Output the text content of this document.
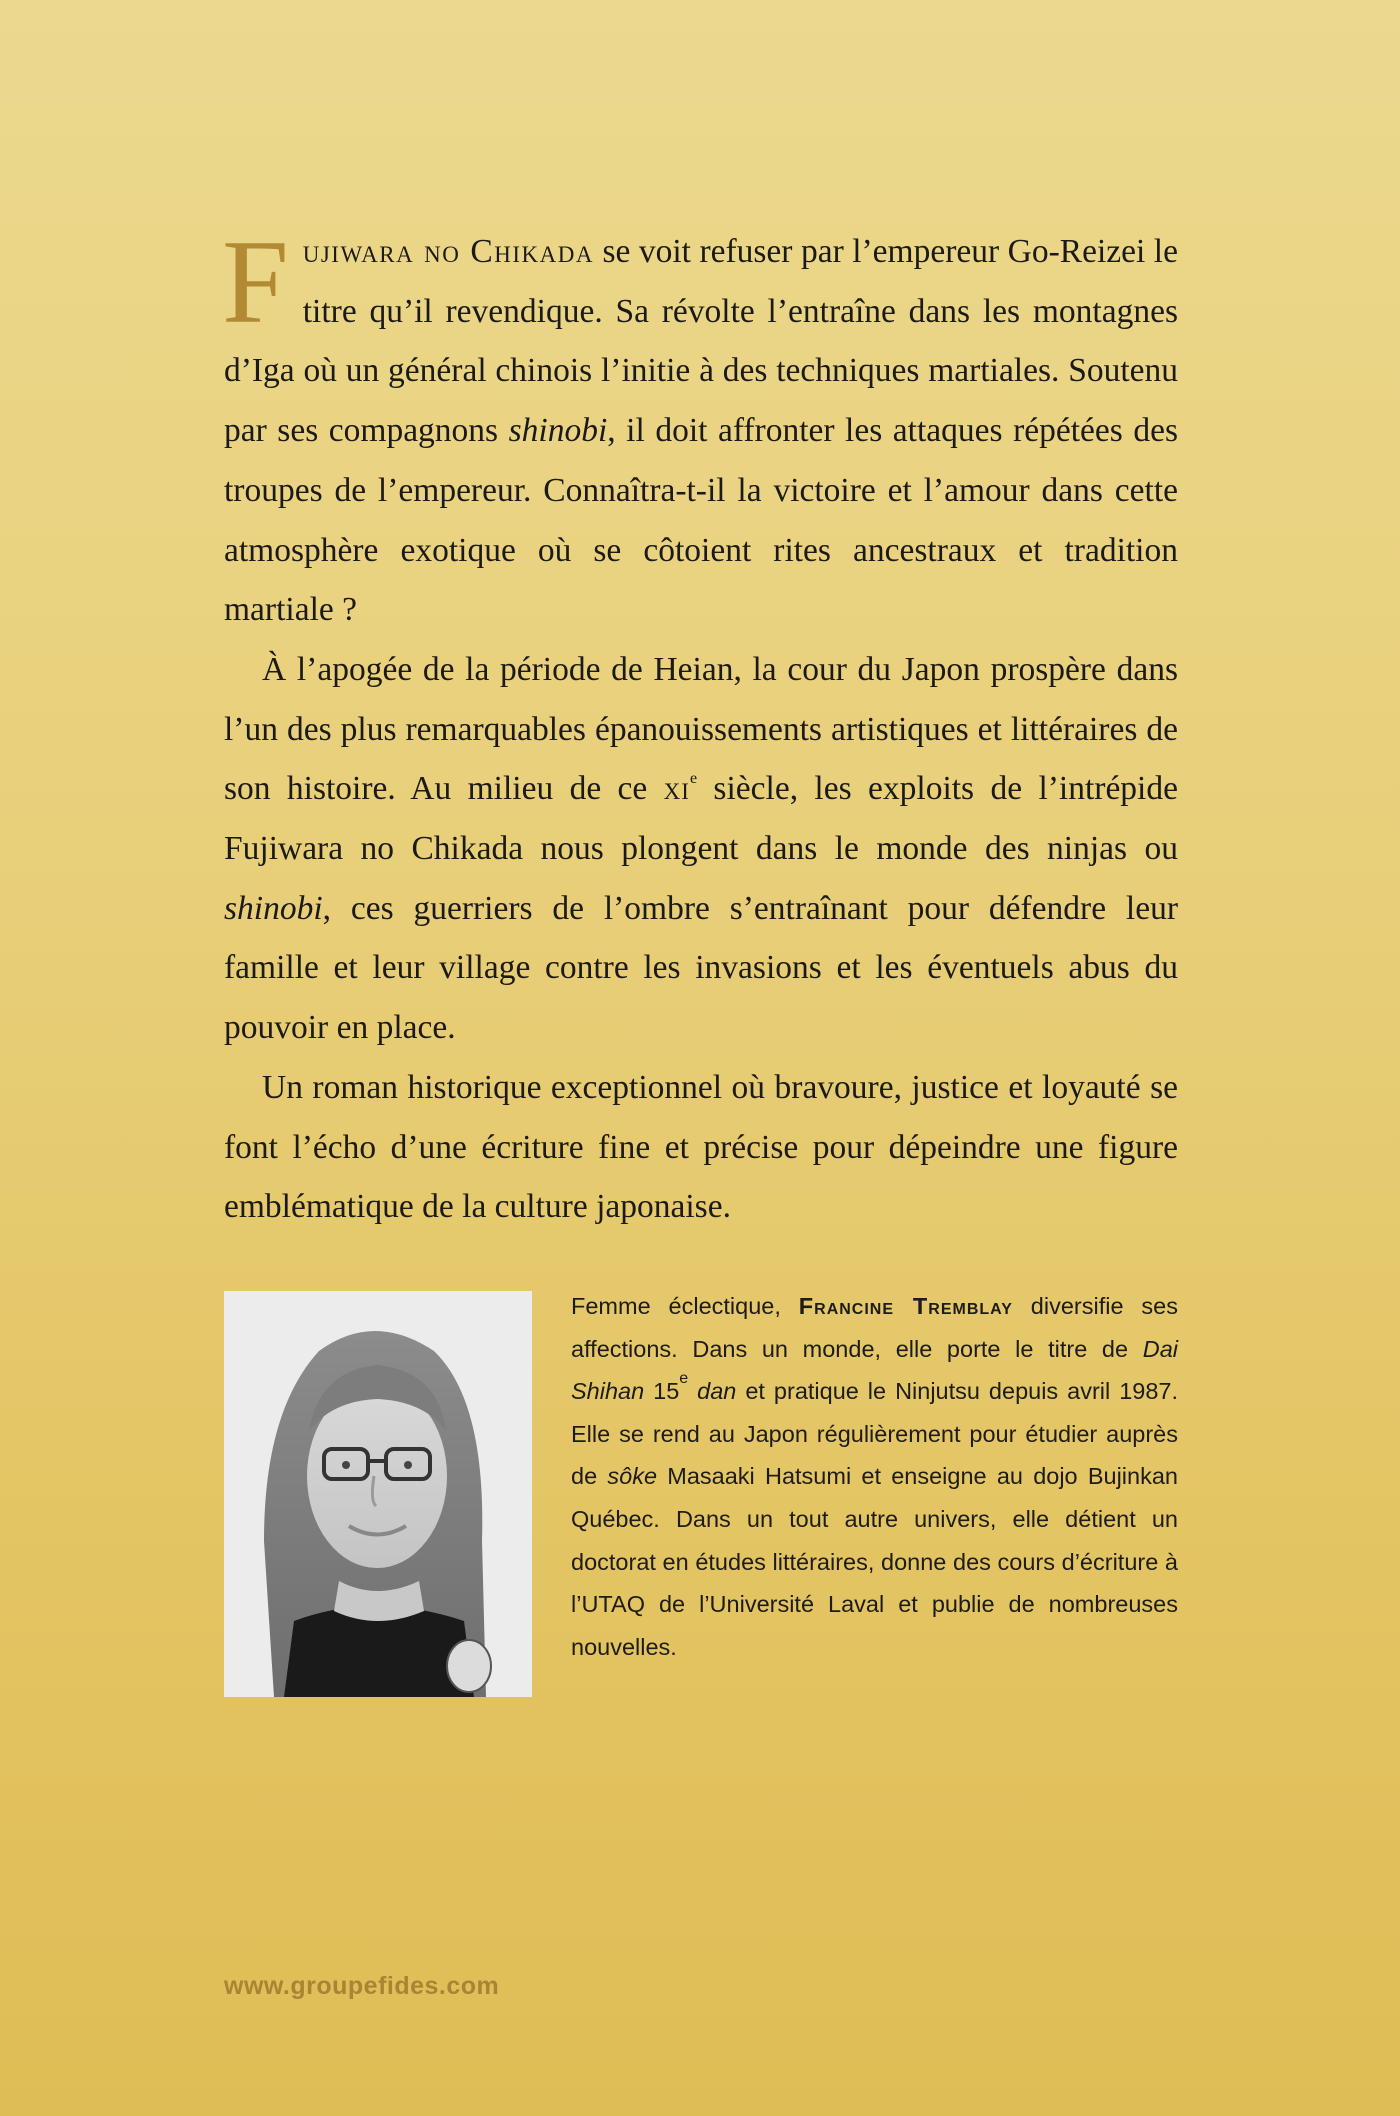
Fujiwara no Chikada se voit refuser par l’empereur Go-Reizei le titre qu’il revendique. Sa révolte l’entraîne dans les montagnes d’Iga où un général chinois l’initie à des techniques martiales. Soutenu par ses compagnons shinobi, il doit affronter les attaques répétées des troupes de l’empereur. Connaîtra-t-il la victoire et l’amour dans cette atmosphère exotique où se côtoient rites ancestraux et tradition martiale ?

À l’apogée de la période de Heian, la cour du Japon prospère dans l’un des plus remarquables épanouissements artistiques et littéraires de son histoire. Au milieu de ce $xi^e$ siècle, les exploits de l’intrépide Fujiwara no Chikada nous plongent dans le monde des ninjas ou shinobi, ces guerriers de l’ombre s’entraînant pour défendre leur famille et leur village contre les invasions et les éventuels abus du pouvoir en place.

Un roman historique exceptionnel où bravoure, justice et loyauté se font l’écho d’une écriture fine et précise pour dépeindre une figure emblématique de la culture japonaise.

Femme éclectique, Francine Tremblay diversifie ses affections. Dans un monde, elle porte le titre de Dai Shihan 15e dan et pratique le Ninjutsu depuis avril 1987. Elle se rend au Japon régulièrement pour étudier auprès de sôke Masaaki Hatsumi et enseigne au dojo Bujinkan Québec. Dans un tout autre univers, elle détient un doctorat en études littéraires, donne des cours d’écriture à l’UTAQ de l’Université Laval et publie de nombreuses nouvelles.

www.groupefides.com
